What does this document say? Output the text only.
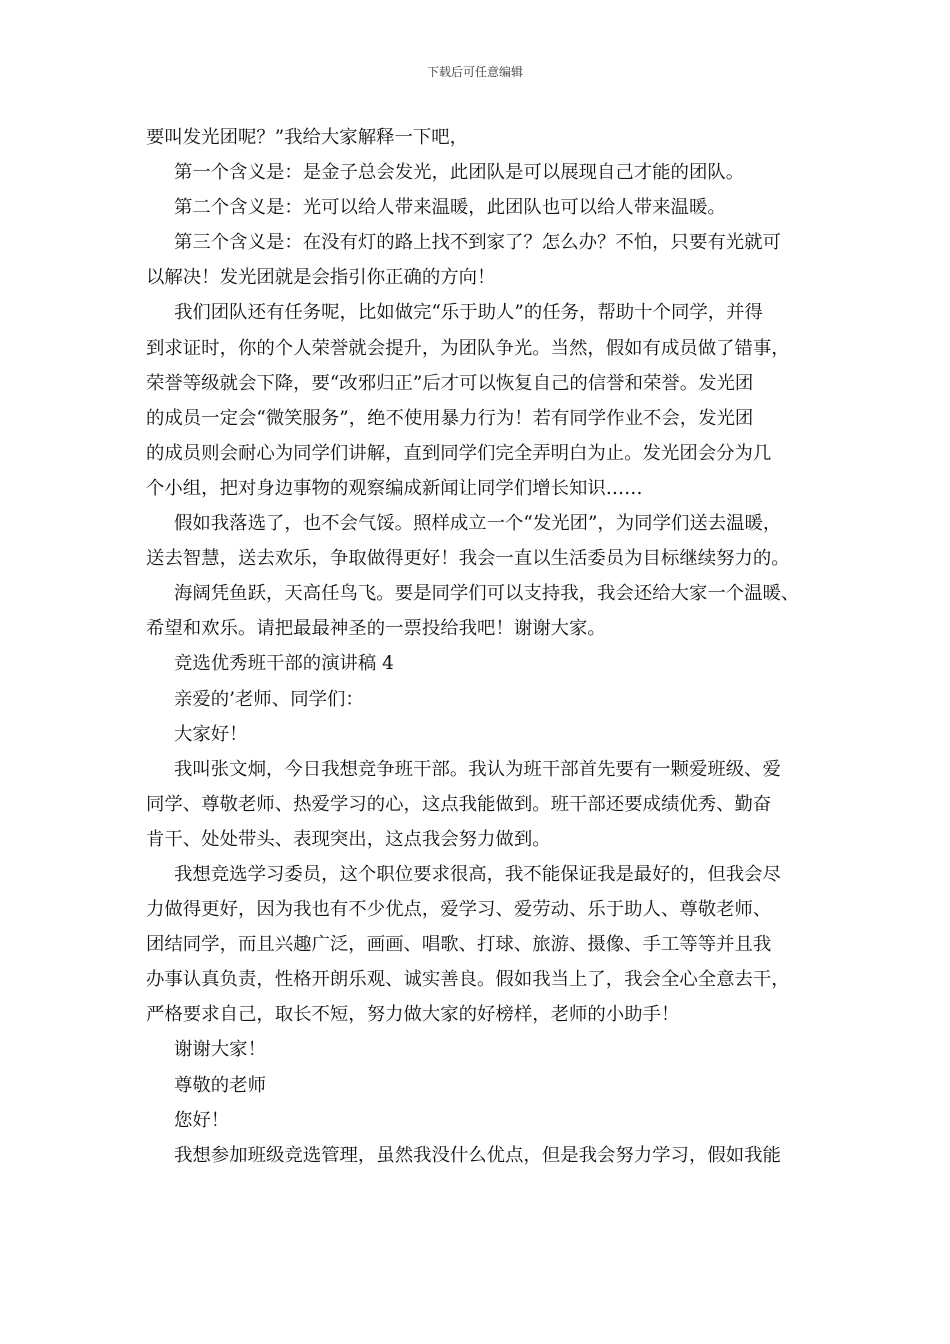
下载后可任意编辑
要叫发光团呢？”我给大家解释一下吧，
第一个含义是：是金子总会发光，此团队是可以展现自己才能的团队。
第二个含义是：光可以给人带来温暖，此团队也可以给人带来温暖。
第三个含义是：在没有灯的路上找不到家了？怎么办？不怕，只要有光就可
以解决！发光团就是会指引你正确的方向！
我们团队还有任务呢，比如做完“乐于助人”的任务，帮助十个同学，并得
到求证时，你的个人荣誉就会提升，为团队争光。当然，假如有成员做了错事，
荣誉等级就会下降，要“改邪归正”后才可以恢复自己的信誉和荣誉。发光团
的成员一定会“微笑服务”，绝不使用暴力行为！若有同学作业不会，发光团
的成员则会耐心为同学们讲解，直到同学们完全弄明白为止。发光团会分为几
个小组，把对身边事物的观察编成新闻让同学们增长知识……
假如我落选了，也不会气馁。照样成立一个“发光团”，为同学们送去温暖，
送去智慧，送去欢乐，争取做得更好！我会一直以生活委员为目标继续努力的。
海阔凭鱼跃，天高任鸟飞。要是同学们可以支持我，我会还给大家一个温暖、
希望和欢乐。请把最最神圣的一票投给我吧！谢谢大家。
竞选优秀班干部的演讲稿 4
亲爱的’老师、同学们：
大家好！
我叫张文炯，今日我想竞争班干部。我认为班干部首先要有一颗爱班级、爱
同学、尊敬老师、热爱学习的心，这点我能做到。班干部还要成绩优秀、勤奋
肯干、处处带头、表现突出，这点我会努力做到。
我想竞选学习委员，这个职位要求很高，我不能保证我是最好的，但我会尽
力做得更好，因为我也有不少优点，爱学习、爱劳动、乐于助人、尊敬老师、
团结同学，而且兴趣广泛，画画、唱歌、打球、旅游、摄像、手工等等并且我
办事认真负责，性格开朗乐观、诚实善良。假如我当上了，我会全心全意去干，
严格要求自己，取长不短，努力做大家的好榜样，老师的小助手！
谢谢大家！
尊敬的老师
您好！
我想参加班级竞选管理，虽然我没什么优点，但是我会努力学习，假如我能
